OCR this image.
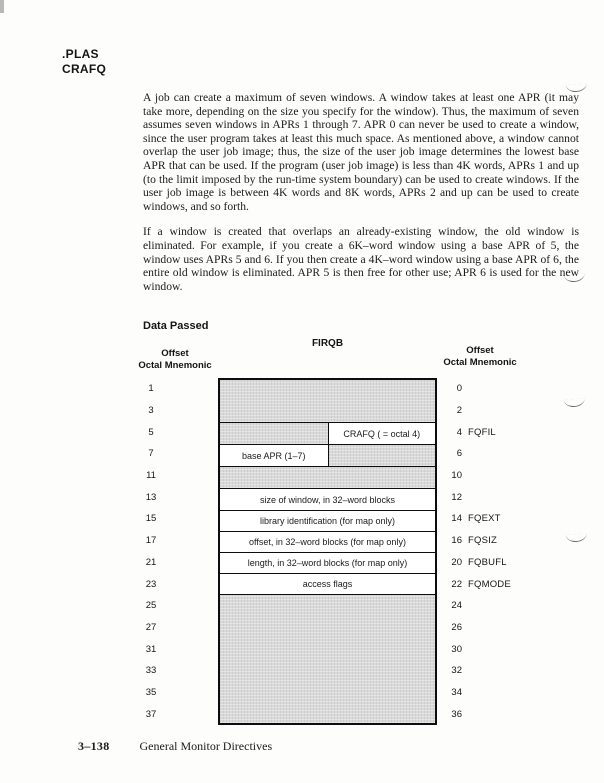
.PLAS
CRAFQ

A job can create a maximum of seven windows. A window takes at least one APR (it may take more, depending on the size you specify for the window). Thus, the maximum of seven assumes seven windows in APRs 1 through 7. APR 0 can never be used to create a window, since the user program takes at least this much space. As mentioned above, a window cannot overlap the user job image; thus, the size of the user job image determines the lowest base APR that can be used. If the program (user job image) is less than 4K words, APRs 1 and up (to the limit imposed by the run-time system boundary) can be used to create windows. If the user job image is between 4K words and 8K words, APRs 2 and up can be used to create windows, and so forth.

If a window is created that overlaps an already-existing window, the old window is eliminated. For example, if you create a 6K–word window using a base APR of 5, the window uses APRs 5 and 6. If you then create a 4K–word window using a base APR of 6, the entire old window is eliminated. APR 5 is then free for other use; APR 6 is used for the new window.

Data Passed
FIRQB
Offset
Octal Mnemonic
Offset
Octal Mnemonic
1
3
5
7
11
13
15
17
21
23
25
27
31
33
35
37
0
2
4 FQFIL
6
10
12
14 FQEXT
16 FQSIZ
20 FQBUFL
22 FQMODE
24
26
30
32
34
36
CRAFQ ( = octal 4)
base APR (1–7)
size of window, in 32–word blocks
library identification (for map only)
offset, in 32–word blocks (for map only)
length, in 32–word blocks (for map only)
access flags
3–138	General Monitor Directives
